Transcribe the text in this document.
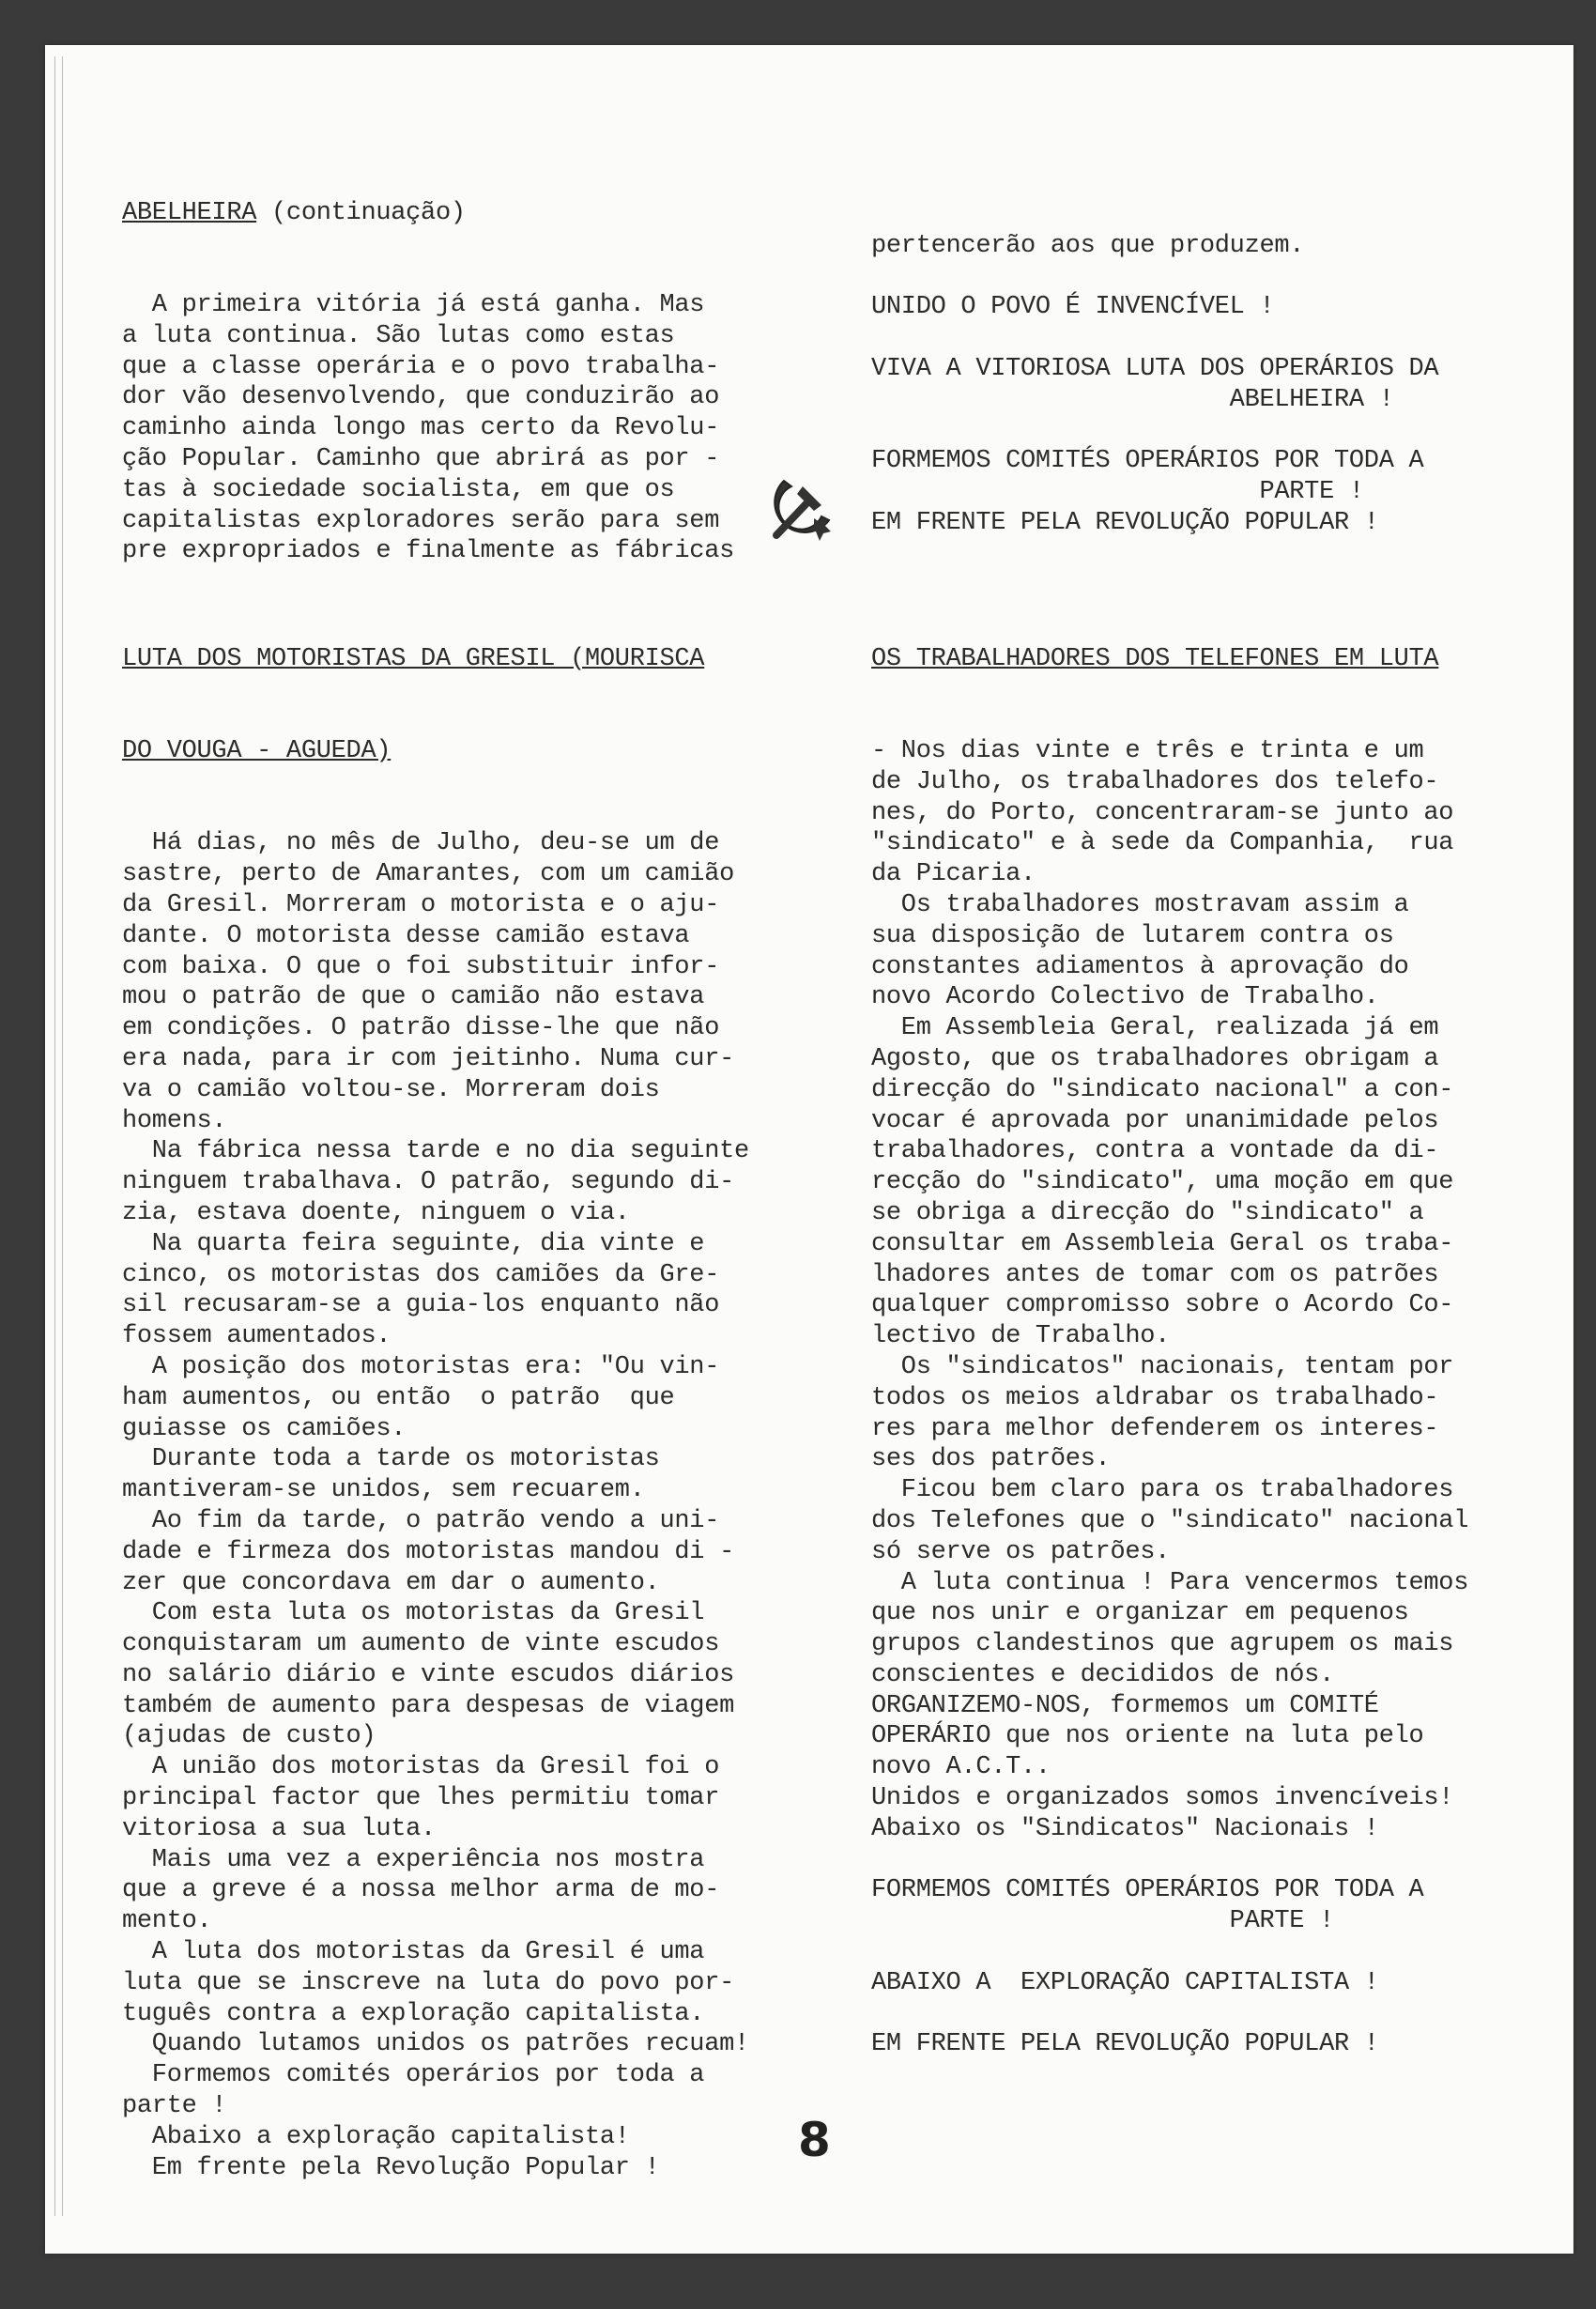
ABELHEIRA (continuação)

A primeira vitória já está ganha. Mas
a luta continua. São lutas como estas
que a classe operária e o povo trabalha-
dor vão desenvolvendo, que conduzirão ao
caminho ainda longo mas certo da Revolu-
ção Popular. Caminho que abrirá as por -
tas à sociedade socialista, em que os
capitalistas exploradores serão para sem
pre expropriados e finalmente as fábricas

LUTA DOS MOTORISTAS DA GRESIL (MOURISCA

DO VOUGA - AGUEDA)

Há dias, no mês de Julho, deu-se um de
sastre, perto de Amarantes, com um camião
da Gresil. Morreram o motorista e o aju-
dante. O motorista desse camião estava
com baixa. O que o foi substituir infor-
mou o patrão de que o camião não estava
em condições. O patrão disse-lhe que não
era nada, para ir com jeitinho. Numa cur-
va o camião voltou-se. Morreram dois
homens.
Na fábrica nessa tarde e no dia seguinte
ninguem trabalhava. O patrão, segundo di-
zia, estava doente, ninguem o via.
Na quarta feira seguinte, dia vinte e
cinco, os motoristas dos camiões da Gre-
sil recusaram-se a guia-los enquanto não
fossem aumentados.
A posição dos motoristas era: "Ou vin-
ham aumentos, ou então  o patrão  que
guiasse os camiões.
Durante toda a tarde os motoristas
mantiveram-se unidos, sem recuarem.
Ao fim da tarde, o patrão vendo a uni-
dade e firmeza dos motoristas mandou di -
zer que concordava em dar o aumento.
Com esta luta os motoristas da Gresil
conquistaram um aumento de vinte escudos
no salário diário e vinte escudos diários
também de aumento para despesas de viagem
(ajudas de custo)
A união dos motoristas da Gresil foi o
principal factor que lhes permitiu tomar
vitoriosa a sua luta.
Mais uma vez a experiência nos mostra
que a greve é a nossa melhor arma de mo-
mento.
A luta dos motoristas da Gresil é uma
luta que se inscreve na luta do povo por-
tuguês contra a exploração capitalista.
Quando lutamos unidos os patrões recuam!
Formemos comités operários por toda a
parte !
Abaixo a exploração capitalista!
Em frente pela Revolução Popular !

pertencerão aos que produzem.
UNIDO O POVO É INVENCÍVEL !
VIVA A VITORIOSA LUTA DOS OPERÁRIOS DA
ABELHEIRA !
FORMEMOS COMITÉS OPERÁRIOS POR TODA A
PARTE !
EM FRENTE PELA REVOLUÇÃO POPULAR !

OS TRABALHADORES DOS TELEFONES EM LUTA

- Nos dias vinte e três e trinta e um
de Julho, os trabalhadores dos telefo-
nes, do Porto, concentraram-se junto ao
"sindicato" e à sede da Companhia,  rua
da Picaria.
Os trabalhadores mostravam assim a
sua disposição de lutarem contra os
constantes adiamentos à aprovação do
novo Acordo Colectivo de Trabalho.
Em Assembleia Geral, realizada já em
Agosto, que os trabalhadores obrigam a
direcção do "sindicato nacional" a con-
vocar é aprovada por unanimidade pelos
trabalhadores, contra a vontade da di-
recção do "sindicato", uma moção em que
se obriga a direcção do "sindicato" a
consultar em Assembleia Geral os traba-
lhadores antes de tomar com os patrões
qualquer compromisso sobre o Acordo Co-
lectivo de Trabalho.
Os "sindicatos" nacionais, tentam por
todos os meios aldrabar os trabalhado-
res para melhor defenderem os interes-
ses dos patrões.
Ficou bem claro para os trabalhadores
dos Telefones que o "sindicato" nacional
só serve os patrões.
A luta continua ! Para vencermos temos
que nos unir e organizar em pequenos
grupos clandestinos que agrupem os mais
conscientes e decididos de nós.
ORGANIZEMO-NOS, formemos um COMITÉ
OPERÁRIO que nos oriente na luta pelo
novo A.C.T..
Unidos e organizados somos invencíveis!
Abaixo os "Sindicatos" Nacionais !
FORMEMOS COMITÉS OPERÁRIOS POR TODA A
PARTE !
ABAIXO A  EXPLORAÇÃO CAPITALISTA !
EM FRENTE PELA REVOLUÇÃO POPULAR !

8
